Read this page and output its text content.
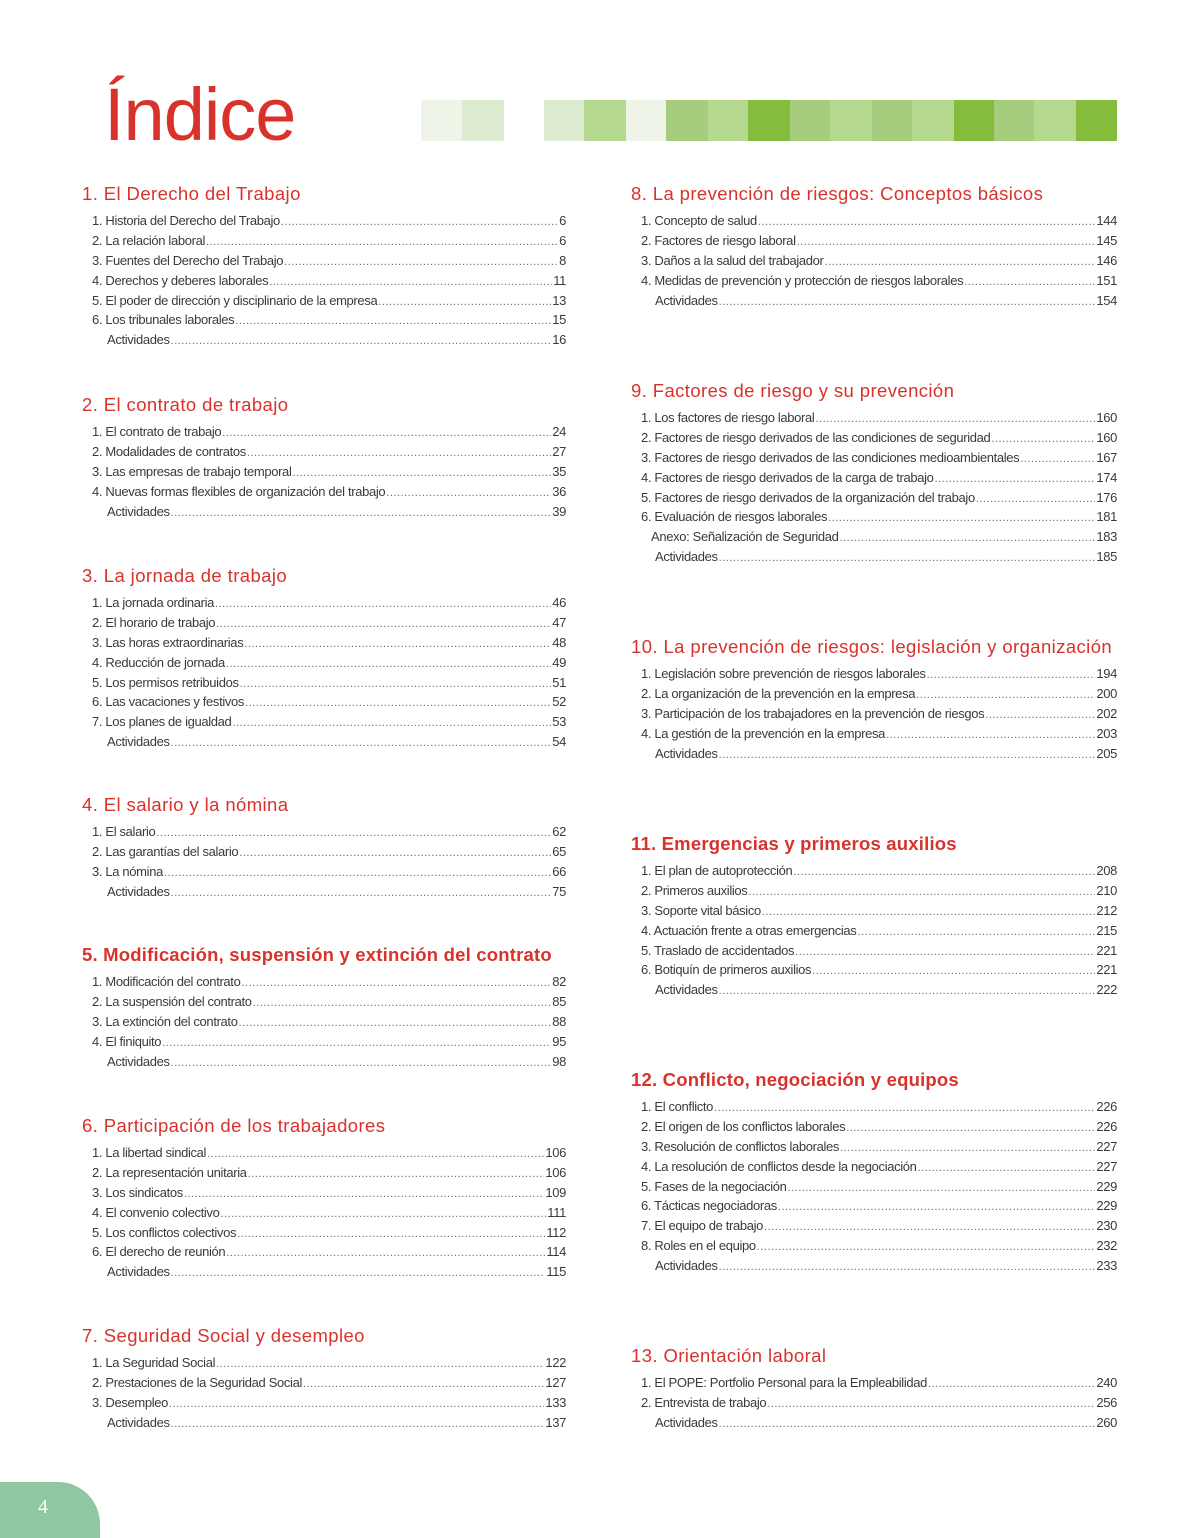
Índice
1. El Derecho del Trabajo
1. Historia del Derecho del Trabajo .....	6
2. La relación laboral .....	6
3. Fuentes del Derecho del Trabajo .....	8
4. Derechos y deberes laborales .....	11
5. El poder de dirección y disciplinario de la empresa .....	13
6. Los tribunales laborales .....	15
Actividades .....	16
2. El contrato de trabajo
1. El contrato de trabajo .....	24
2. Modalidades de contratos .....	27
3. Las empresas de trabajo temporal .....	35
4. Nuevas formas flexibles de organización del trabajo .....	36
Actividades .....	39
3. La jornada de trabajo
1. La jornada ordinaria .....	46
2. El horario de trabajo .....	47
3. Las horas extraordinarias .....	48
4. Reducción de jornada .....	49
5. Los permisos retribuidos .....	51
6. Las vacaciones y festivos .....	52
7. Los planes de igualdad .....	53
Actividades .....	54
4. El salario y la nómina
1. El salario .....	62
2. Las garantías del salario .....	65
3. La nómina .....	66
Actividades .....	75
5. Modificación, suspensión y extinción del contrato
1. Modificación del contrato .....	82
2. La suspensión del contrato .....	85
3. La extinción del contrato .....	88
4. El finiquito .....	95
Actividades .....	98
6. Participación de los trabajadores
1. La libertad sindical .....	106
2. La representación unitaria .....	106
3. Los sindicatos .....	109
4. El convenio colectivo .....	111
5. Los conflictos colectivos .....	112
6. El derecho de reunión .....	114
Actividades .....	115
7. Seguridad Social y desempleo
1. La Seguridad Social .....	122
2. Prestaciones de la Seguridad Social .....	127
3. Desempleo .....	133
Actividades .....	137
8. La prevención de riesgos: Conceptos básicos
1. Concepto de salud .....	144
2. Factores de riesgo laboral .....	145
3. Daños a la salud del trabajador .....	146
4. Medidas de prevención y protección de riesgos laborales .....	151
Actividades .....	154
9. Factores de riesgo y su prevención
1. Los factores de riesgo laboral .....	160
2. Factores de riesgo derivados de las condiciones de seguridad .....	160
3. Factores de riesgo derivados de las condiciones medioambientales .....	167
4. Factores de riesgo derivados de la carga de trabajo .....	174
5. Factores de riesgo derivados de la organización del trabajo .....	176
6. Evaluación de riesgos laborales .....	181
Anexo: Señalización de Seguridad .....	183
Actividades .....	185
10. La prevención de riesgos: legislación y organización
1. Legislación sobre prevención de riesgos laborales .....	194
2. La organización de la prevención en la empresa .....	200
3. Participación de los trabajadores en la prevención de riesgos .....	202
4. La gestión de la prevención en la empresa .....	203
Actividades .....	205
11. Emergencias y primeros auxilios
1. El plan de autoprotección .....	208
2. Primeros auxilios .....	210
3. Soporte vital básico .....	212
4. Actuación frente a otras emergencias .....	215
5. Traslado de accidentados .....	221
6. Botiquín de primeros auxilios .....	221
Actividades .....	222
12. Conflicto, negociación y equipos
1. El conflicto .....	226
2. El origen de los conflictos laborales .....	226
3. Resolución de conflictos laborales .....	227
4. La resolución de conflictos desde la negociación .....	227
5. Fases de la negociación .....	229
6. Tácticas negociadoras .....	229
7. El equipo de trabajo .....	230
8. Roles en el equipo .....	232
Actividades .....	233
13. Orientación laboral
1. El POPE: Portfolio Personal para la Empleabilidad .....	240
2. Entrevista de trabajo .....	256
Actividades .....	260
4
